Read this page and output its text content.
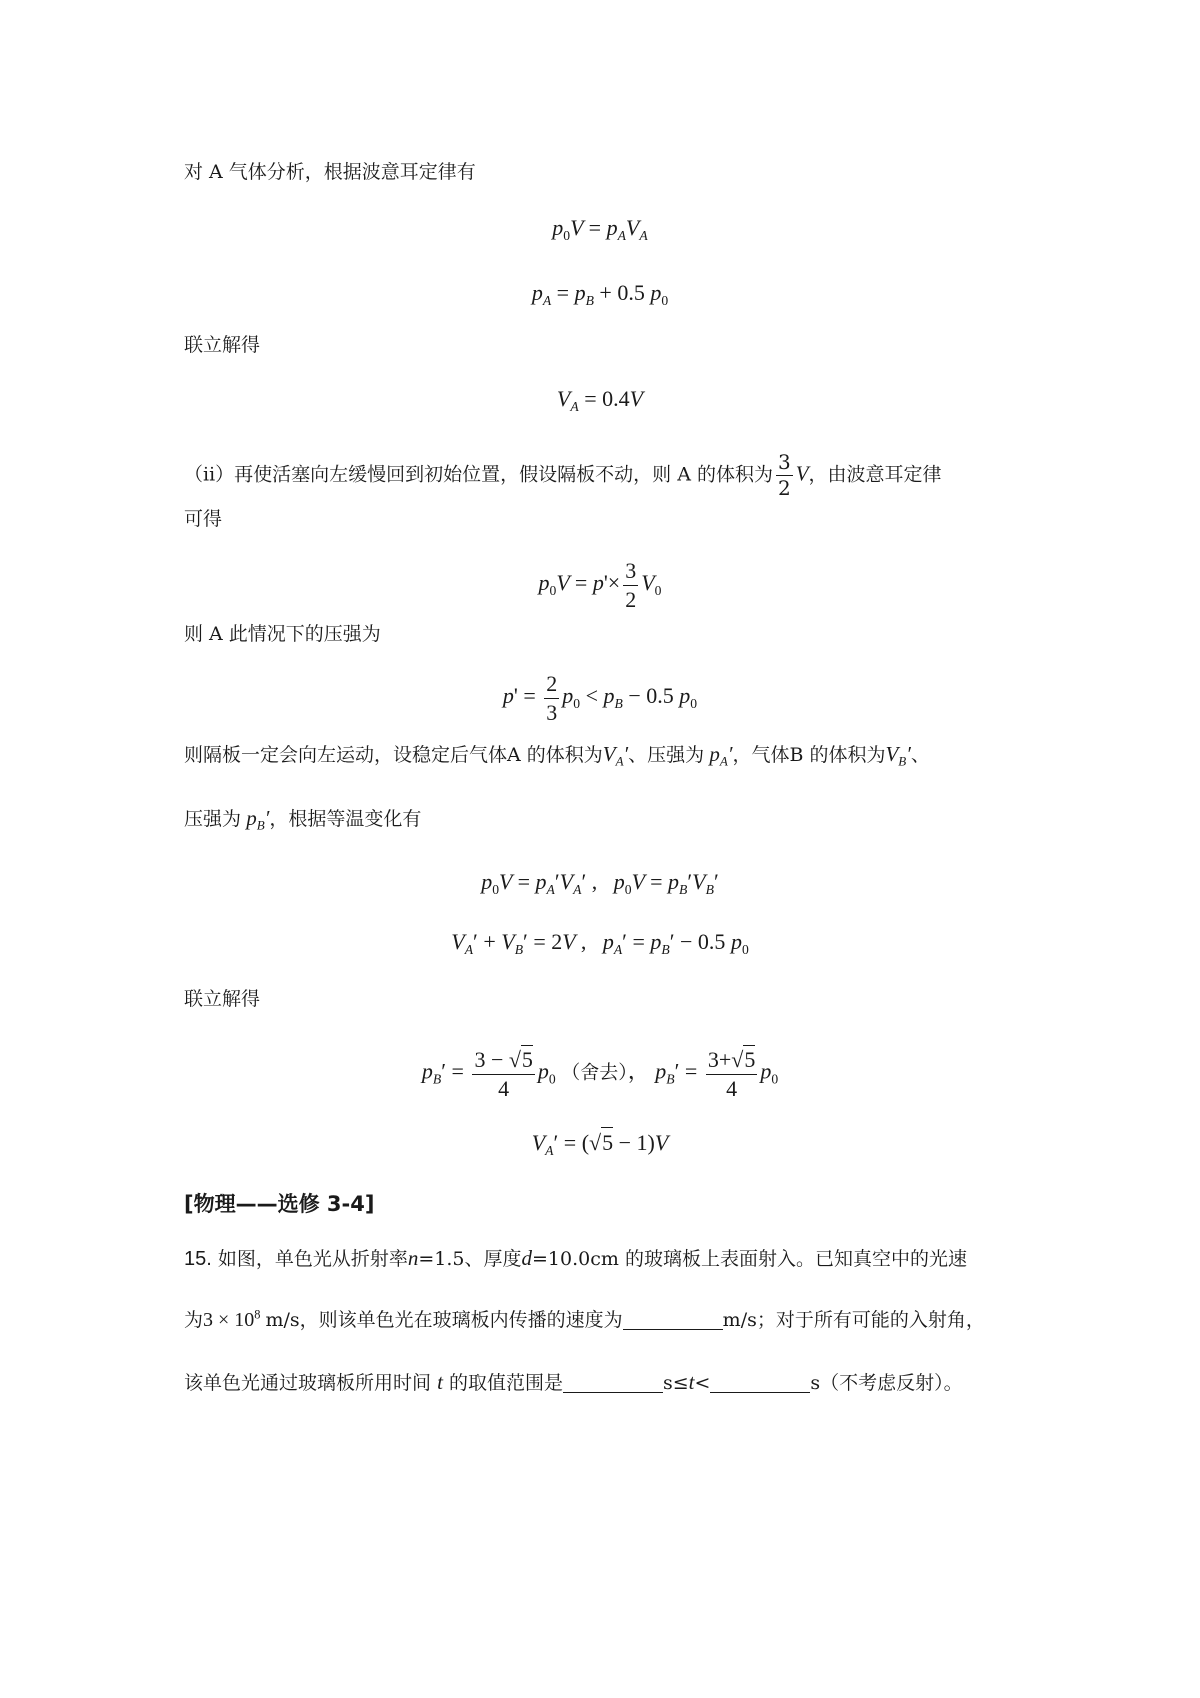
对 A 气体分析，根据波意耳定律有
$p_0V = p_AV_A$
$p_A = p_B + 0.5$ $p_0$
联立解得
$V_A = 0.4V$
（ⅱ）再使活塞向左缓慢回到初始位置，假设隔板不动，则 A 的体积为 $\frac{3}{2}$ V，由波意耳定律
可得
$p_0V = p'\times \frac{3}{2} V_0$
则 A 此情况下的压强为
$p' = \frac{2}{3} p_0 < p_B - 0.5$ $p_0$
则隔板一定会向左运动，设稳定后气体A 的体积为$V_A'$、压强为 $p_A'$，气体B 的体积为$V_B'$、
压强为 $p_B'$，根据等温变化有
$p_0V = p_A'V_A'$ ,   $p_0V = p_B'V_B'$
$V_A' + V_B' = 2V$ ,   $p_A' = p_B' - 0.5$ $p_0$
联立解得
$p_B' = \frac{3 - √5}{4} p_0$ （舍去）， $p_B' = \frac{3+√5}{4} p_0$
$V_A' = (√5 - 1)V$
[物理——选修 3-4]
15. 如图，单色光从折射率n=1.5、厚度d=10.0cm 的玻璃板上表面射入。已知真空中的光速
为$3 \times 10^8$ m/s，则该单色光在玻璃板内传播的速度为	m/s；对于所有可能的入射角，
该单色光通过玻璃板所用时间 t 的取值范围是	s≤t<	s（不考虑反射）。
